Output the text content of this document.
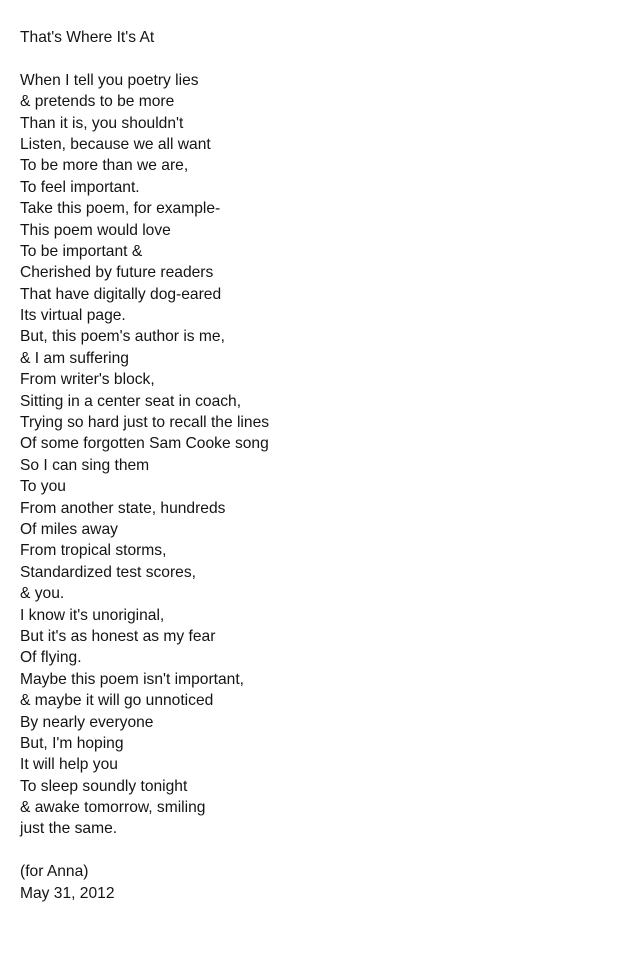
That's Where It's At
When I tell you poetry lies
& pretends to be more
Than it is, you shouldn't
Listen, because we all want
To be more than we are,
To feel important.
Take this poem, for example-
This poem would love
To be important &
Cherished by future readers
That have digitally dog-eared
Its virtual page.
But, this poem's author is me,
& I am suffering
From writer's block,
Sitting in a center seat in coach,
Trying so hard just to recall the lines
Of some forgotten Sam Cooke song
So I can sing them
To you
From another state, hundreds
Of miles away
From tropical storms,
Standardized test scores,
& you.
I know it's unoriginal,
But it's as honest as my fear
Of flying.
Maybe this poem isn't important,
& maybe it will go unnoticed
By nearly everyone
But, I'm hoping
It will help you
To sleep soundly tonight
& awake tomorrow, smiling
just the same.
(for Anna)
May 31, 2012
